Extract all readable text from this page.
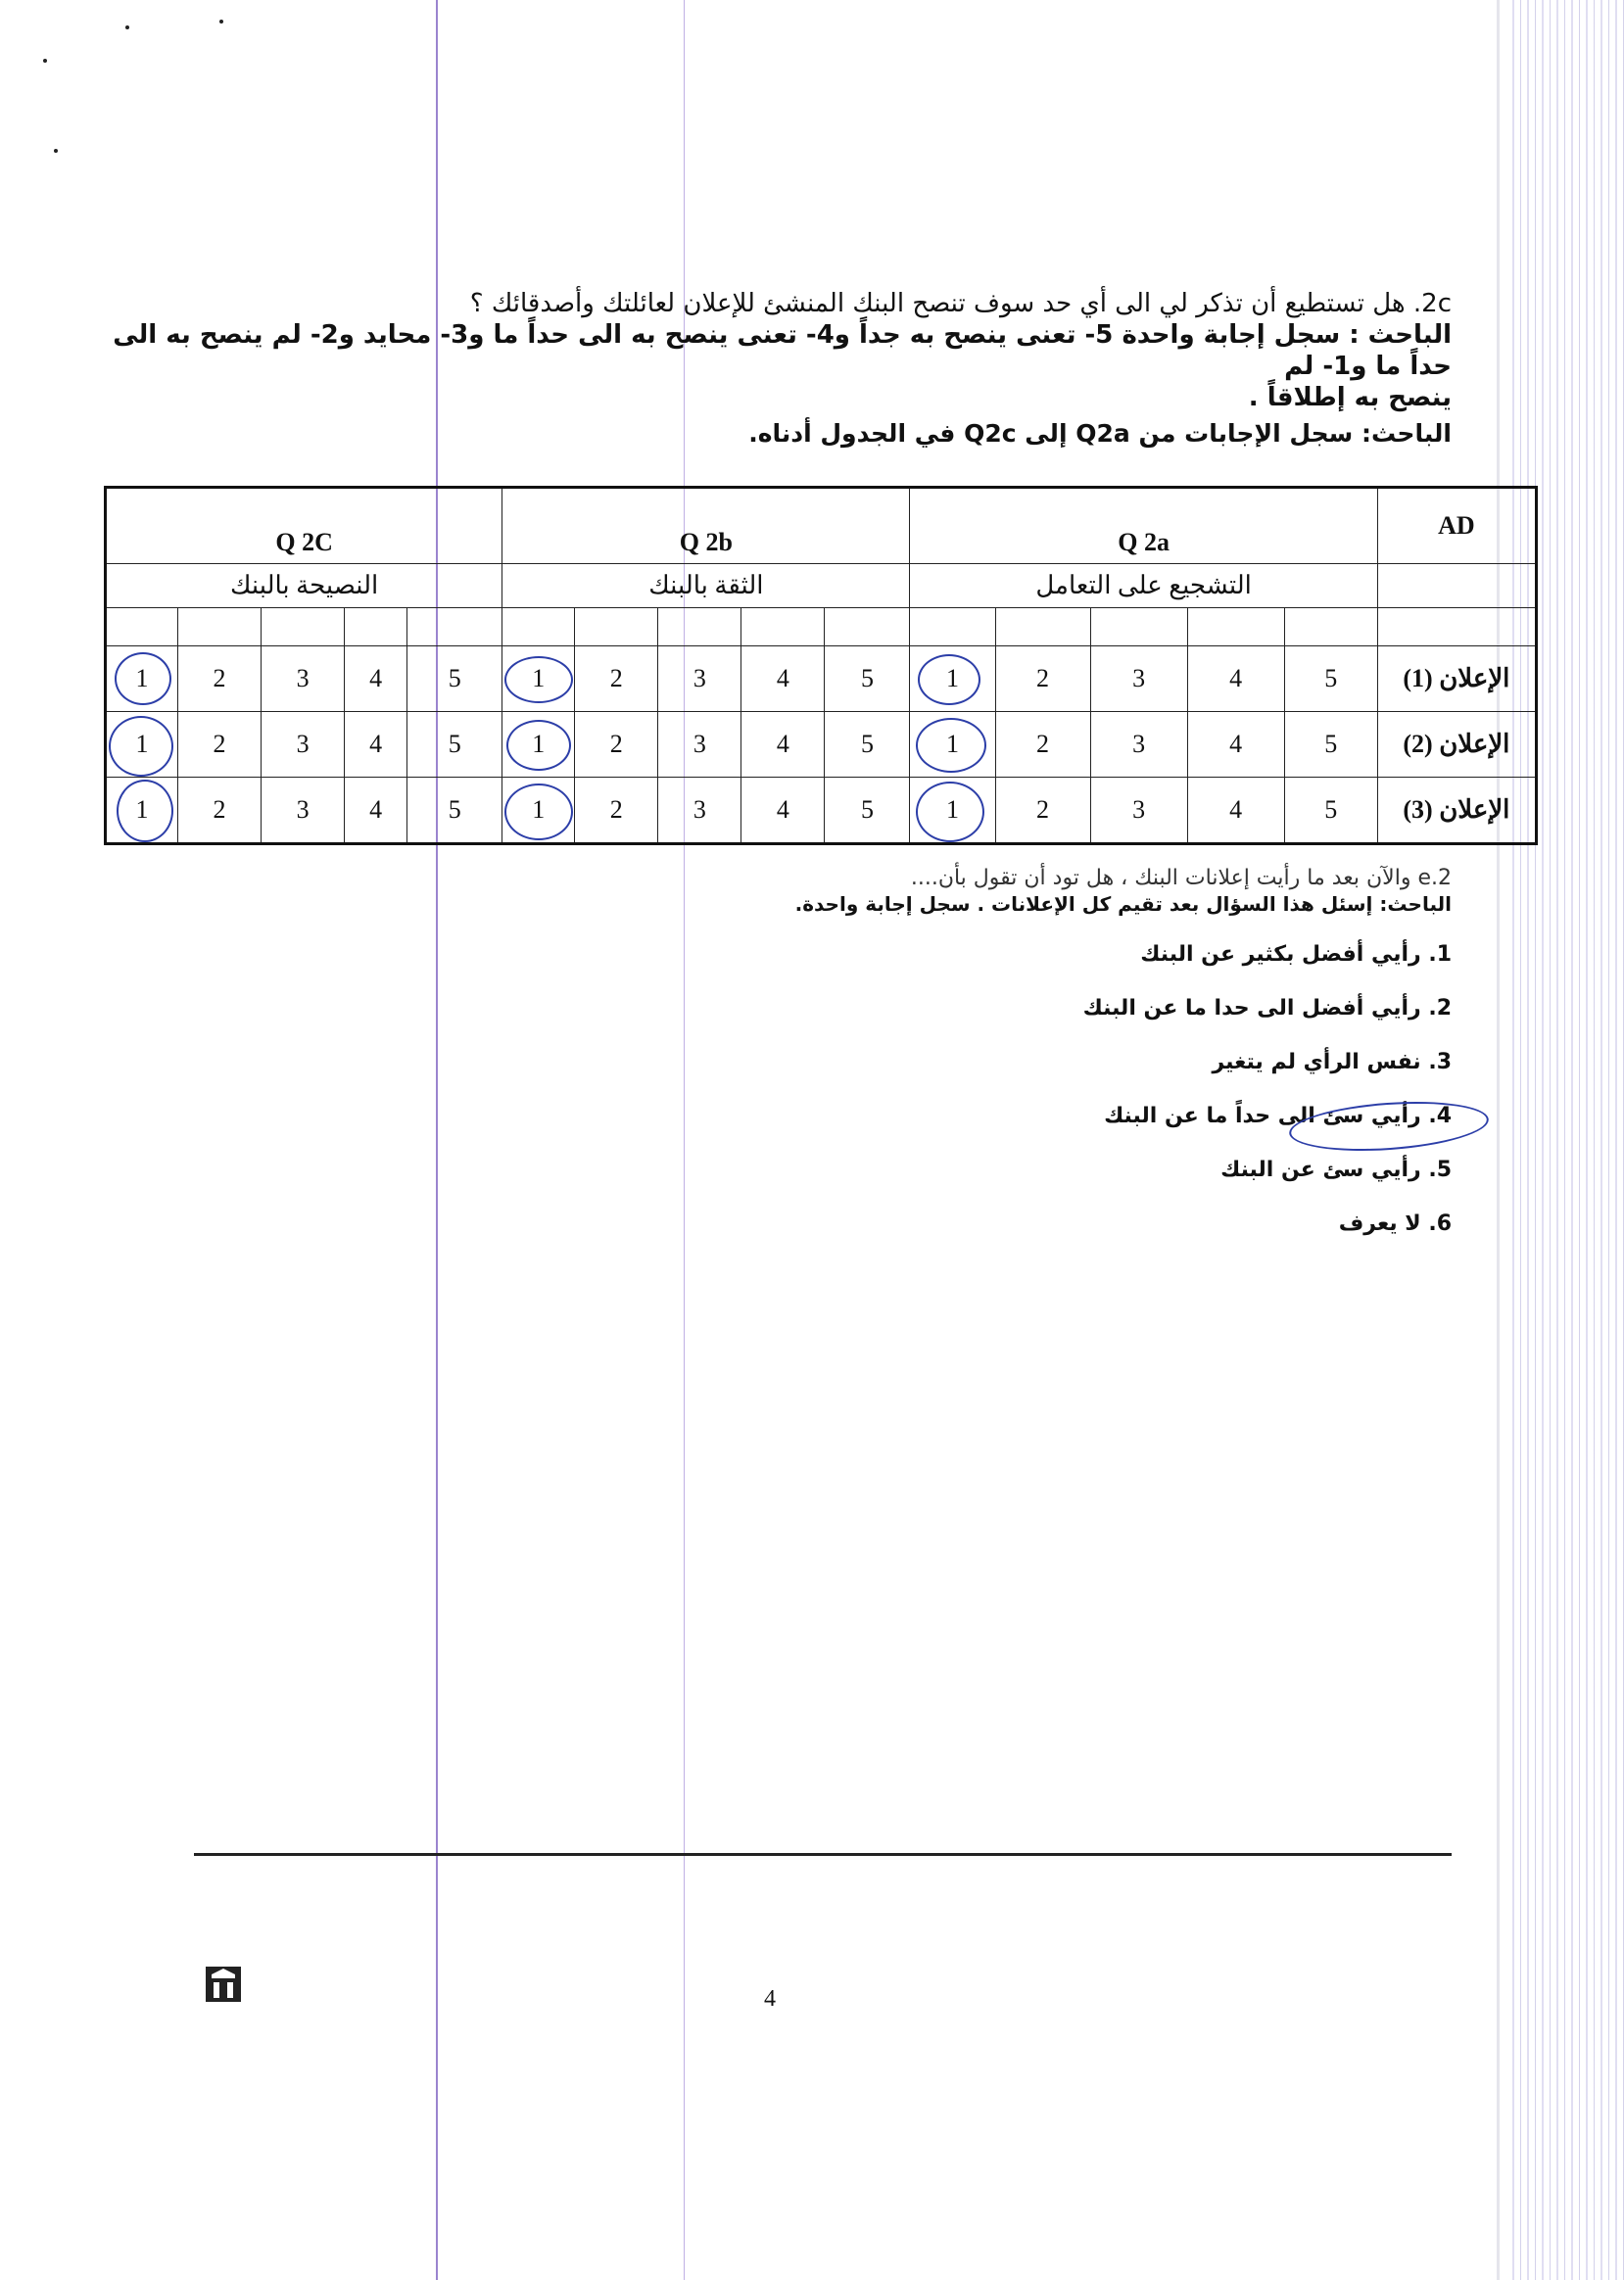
2c. هل تستطيع أن تذكر لي الى أي حد سوف تنصح البنك المنشئ للإعلان لعائلتك وأصدقائك ؟
الباحث : سجل إجابة واحدة 5- تعنى ينصح به جداً و4- تعنى ينصح به الى حداً ما و3- محايد و2- لم ينصح به الى حداً ما و1- لم
ينصح به إطلاقاً .
الباحث: سجل الإجابات من Q2a إلى Q2c في الجدول أدناه.
Q 2C					Q 2b					Q 2a					AD
النصيحة بالبنك					الثقة بالبنك					التشجيع على التعامل					

1	2	3	4	5	1	2	3	4	5	1	2	3	4	5	الإعلان (1)
1	2	3	4	5	1	2	3	4	5	1	2	3	4	5	الإعلان (2)
1	2	3	4	5	1	2	3	4	5	1	2	3	4	5	الإعلان (3)
2.e والآن بعد ما رأيت إعلانات البنك ، هل تود أن تقول بأن....
الباحث: إسئل هذا السؤال بعد تقيم كل الإعلانات . سجل إجابة واحدة.
1. رأيي أفضل بكثير عن البنك
2. رأيي أفضل الى حدا ما عن البنك
3. نفس الرأي لم يتغير
4. رأيي سئ الى حداً ما عن البنك
5. رأيي سئ عن البنك
6. لا يعرف
4
